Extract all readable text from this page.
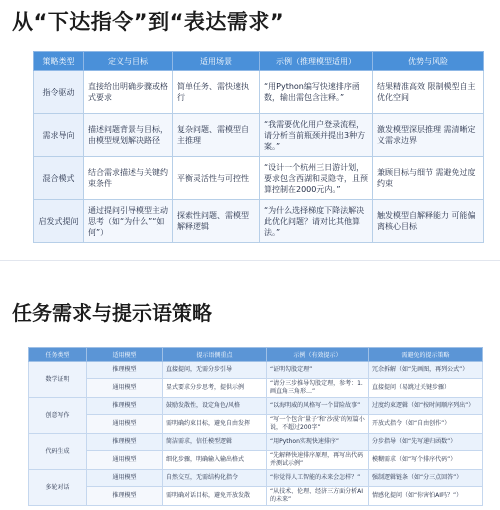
从“下达指令”到“表达需求”
策略类型	定义与目标	适用场景	示例（推理模型适用）	优势与风险
指令驱动	直接给出明确步骤或格式要求	简单任务、需快速执行	“用Python编写快速排序函数，输出需包含注释。”	结果精准高效 限制模型自主优化空间
需求导向	描述问题背景与目标，由模型规划解决路径	复杂问题、需模型自主推理	“我需要优化用户登录流程，请分析当前瓶颈并提出3种方案。”	激发模型深层推理 需清晰定义需求边界
混合模式	结合需求描述与关键约束条件	平衡灵活性与可控性	“设计一个杭州三日游计划，要求包含西湖和灵隐寺，且预算控制在2000元内。”	兼顾目标与细节 需避免过度约束
启发式提问	通过提问引导模型主动思考（如“为什么”“如何”）	探索性问题、需模型解释逻辑	“为什么选择梯度下降法解决此优化问题？请对比其他算法。”	触发模型自解释能力 可能偏离核心目标
任务需求与提示语策略
任务类型	适用模型	提示语侧重点	示例（有效提示）	需避免的提示策略
数学证明	推理模型	直接提问，无需分步引导	“证明勾股定理”	冗余拆解（如“先画图，再列公式”）
	通用模型	显式要求分步思考，提供示例	“请分三步推导勾股定理，参考：1.画直角三角形…”	直接提问（易跳过关键步骤）
创意写作	推理模型	鼓励发散性，设定角色/风格	“以海明威的风格写一个冒险故事”	过度约束逻辑（如“按时间顺序列出”）
	通用模型	需明确约束目标，避免自由发挥	“写一个包含‘量子’和‘沙漠’的短篇小说，不超过200字”	开放式指令（如“自由创作”）
代码生成	推理模型	简洁需求，信任模型逻辑	“用Python实现快速排序”	分步指导（如“先写递归函数”）
	通用模型	细化步骤，明确输入输出格式	“先解释快速排序原理，再写出代码并测试示例”	模糊需求（如“写个排序代码”）
多轮对话	通用模型	自然交互，无需结构化指令	“你觉得人工智能的未来会怎样？”	强制逻辑链条（如“分三点回答”）
	推理模型	需明确对话目标，避免开放发散	“从技术、伦理、经济三方面分析AI的未来”	情感化提问（如“你害怕AI吗？”）
